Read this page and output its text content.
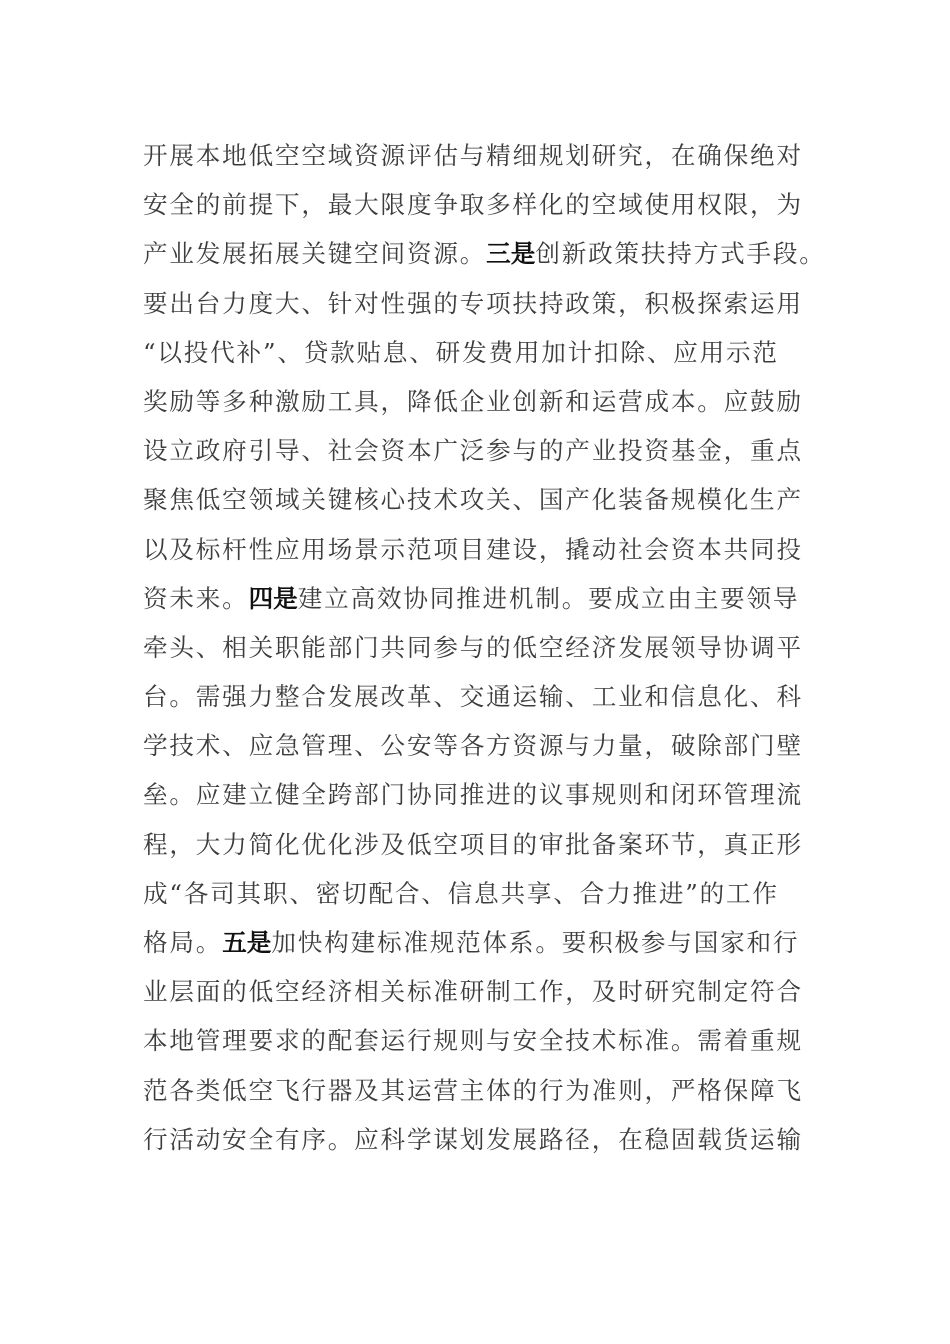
开展本地低空空域资源评估与精细规划研究，在确保绝对
安全的前提下，最大限度争取多样化的空域使用权限，为
产业发展拓展关键空间资源。三是创新政策扶持方式手段。
要出台力度大、针对性强的专项扶持政策，积极探索运用
“以投代补”、贷款贴息、研发费用加计扣除、应用示范
奖励等多种激励工具，降低企业创新和运营成本。应鼓励
设立政府引导、社会资本广泛参与的产业投资基金，重点
聚焦低空领域关键核心技术攻关、国产化装备规模化生产
以及标杆性应用场景示范项目建设，撬动社会资本共同投
资未来。四是建立高效协同推进机制。要成立由主要领导
牵头、相关职能部门共同参与的低空经济发展领导协调平
台。需强力整合发展改革、交通运输、工业和信息化、科
学技术、应急管理、公安等各方资源与力量，破除部门壁
垒。应建立健全跨部门协同推进的议事规则和闭环管理流
程，大力简化优化涉及低空项目的审批备案环节，真正形
成“各司其职、密切配合、信息共享、合力推进”的工作
格局。五是加快构建标准规范体系。要积极参与国家和行
业层面的低空经济相关标准研制工作，及时研究制定符合
本地管理要求的配套运行规则与安全技术标准。需着重规
范各类低空飞行器及其运营主体的行为准则，严格保障飞
行活动安全有序。应科学谋划发展路径，在稳固载货运输
